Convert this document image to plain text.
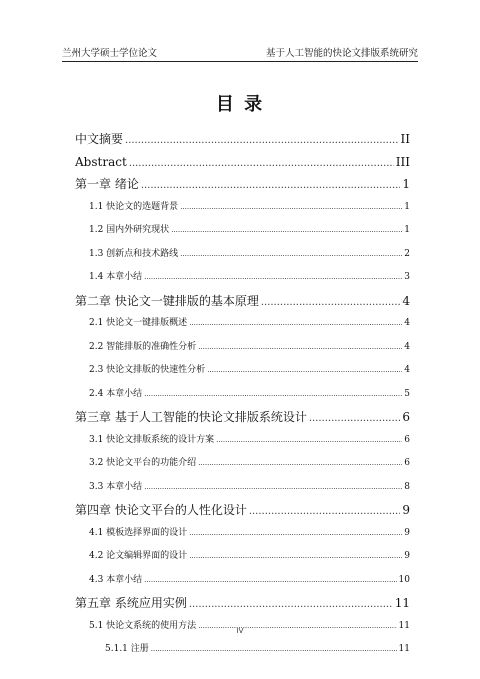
兰州大学硕士学位论文	基于人工智能的快论文排版系统研究
目 录
中文摘要 .....	II
Abstract .....	III
第一章 绪论 .....	1
1.1 快论文的选题背景 .....	1
1.2 国内外研究现状 .....	1
1.3 创新点和技术路线 .....	2
1.4 本章小结 .....	3
第二章 快论文一键排版的基本原理 .....	4
2.1 快论文一键排版概述 .....	4
2.2 智能排版的准确性分析 .....	4
2.3 快论文排版的快速性分析 .....	4
2.4 本章小结 .....	5
第三章 基于人工智能的快论文排版系统设计 .....	6
3.1 快论文排版系统的设计方案 .....	6
3.2 快论文平台的功能介绍 .....	6
3.3 本章小结 .....	8
第四章 快论文平台的人性化设计 .....	9
4.1 模板选择界面的设计 .....	9
4.2 论文编辑界面的设计 .....	9
4.3 本章小结 .....	10
第五章 系统应用实例 .....	11
5.1 快论文系统的使用方法 .....	11
5.1.1 注册 .....	11
IV
